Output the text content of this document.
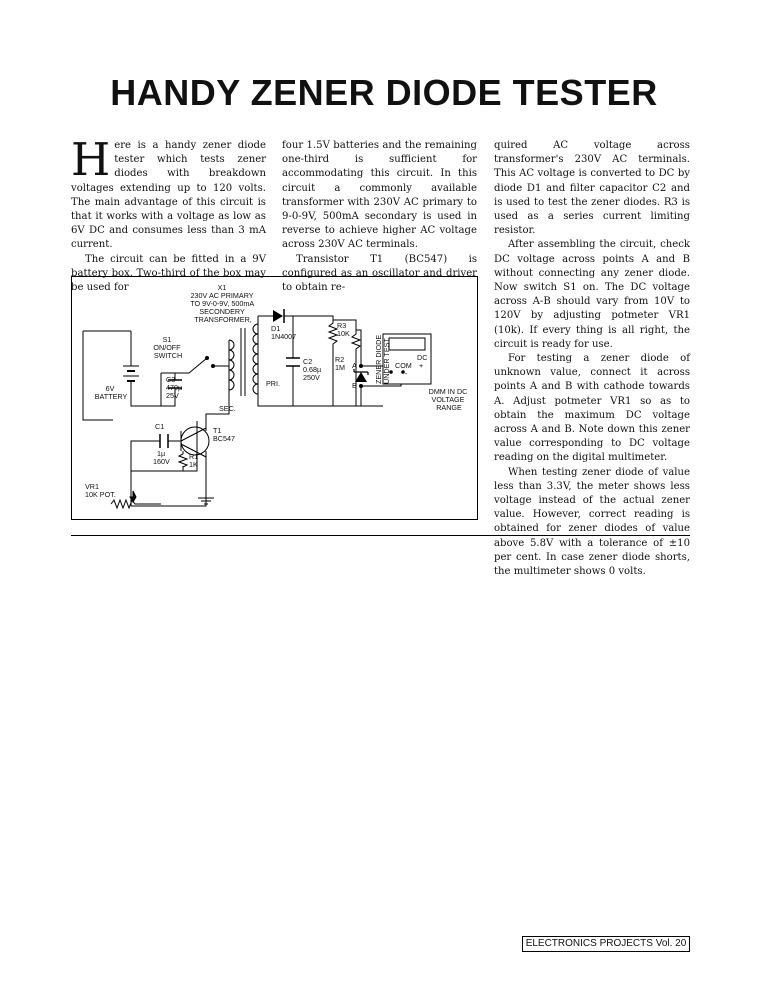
HANDY ZENER DIODE TESTER

Here is a handy zener diode tester which tests zener diodes with breakdown voltages extending up to 120 volts. The main advantage of this circuit is that it works with a voltage as low as 6V DC and consumes less than 3 mA current.

The circuit can be fitted in a 9V battery box. Two-third of the box may be used for

four 1.5V batteries and the remaining one-third is sufficient for accommodating this circuit. In this circuit a commonly available transformer with 230V AC primary to 9-0-9V, 500mA secondary is used in reverse to achieve higher AC voltage across 230V AC terminals.

Transistor T1 (BC547) is configured as an oscillator and driver to obtain re-

quired AC voltage across transformer's 230V AC terminals. This AC voltage is converted to DC by diode D1 and filter capacitor C2 and is used to test the zener diodes. R3 is used as a series current limiting resistor.

After assembling the circuit, check DC voltage across points A and B without connecting any zener diode. Now switch S1 on. The DC voltage across A-B should vary from 10V to 120V by adjusting potmeter VR1 (10k). If every thing is all right, the circuit is ready for use.

For testing a zener diode of unknown value, connect it across points A and B with cathode towards A. Adjust potmeter VR1 so as to obtain the maximum DC voltage across A and B. Note down this zener value corresponding to DC voltage reading on the digital multimeter.

When testing zener diode of value less than 3.3V, the meter shows less voltage instead of the actual zener value. However, correct reading is obtained for zener diodes of value above 5.8V with a tolerance of ±10 per cent. In case zener diode shorts, the multimeter shows 0 volts.

X1 230V AC PRIMARY TO 9V-0-9V, 500mA SECONDERY TRANSFORMER,
S1 ON/OFF SWITCH
6V BATTERY
C3 470µ 25V
D1 1N4007
C2 0.68µ 250V
R2 1M
R3 10K
ZENER DIODE UNDER TEST
A
B
DC
COM +
-
DMM IN DC VOLTAGE RANGE
PRI.
SEC.
T1 BC547
C1 1µ 160V
R1 1K
VR1 10K POT.
ELECTRONICS PROJECTS Vol. 20
